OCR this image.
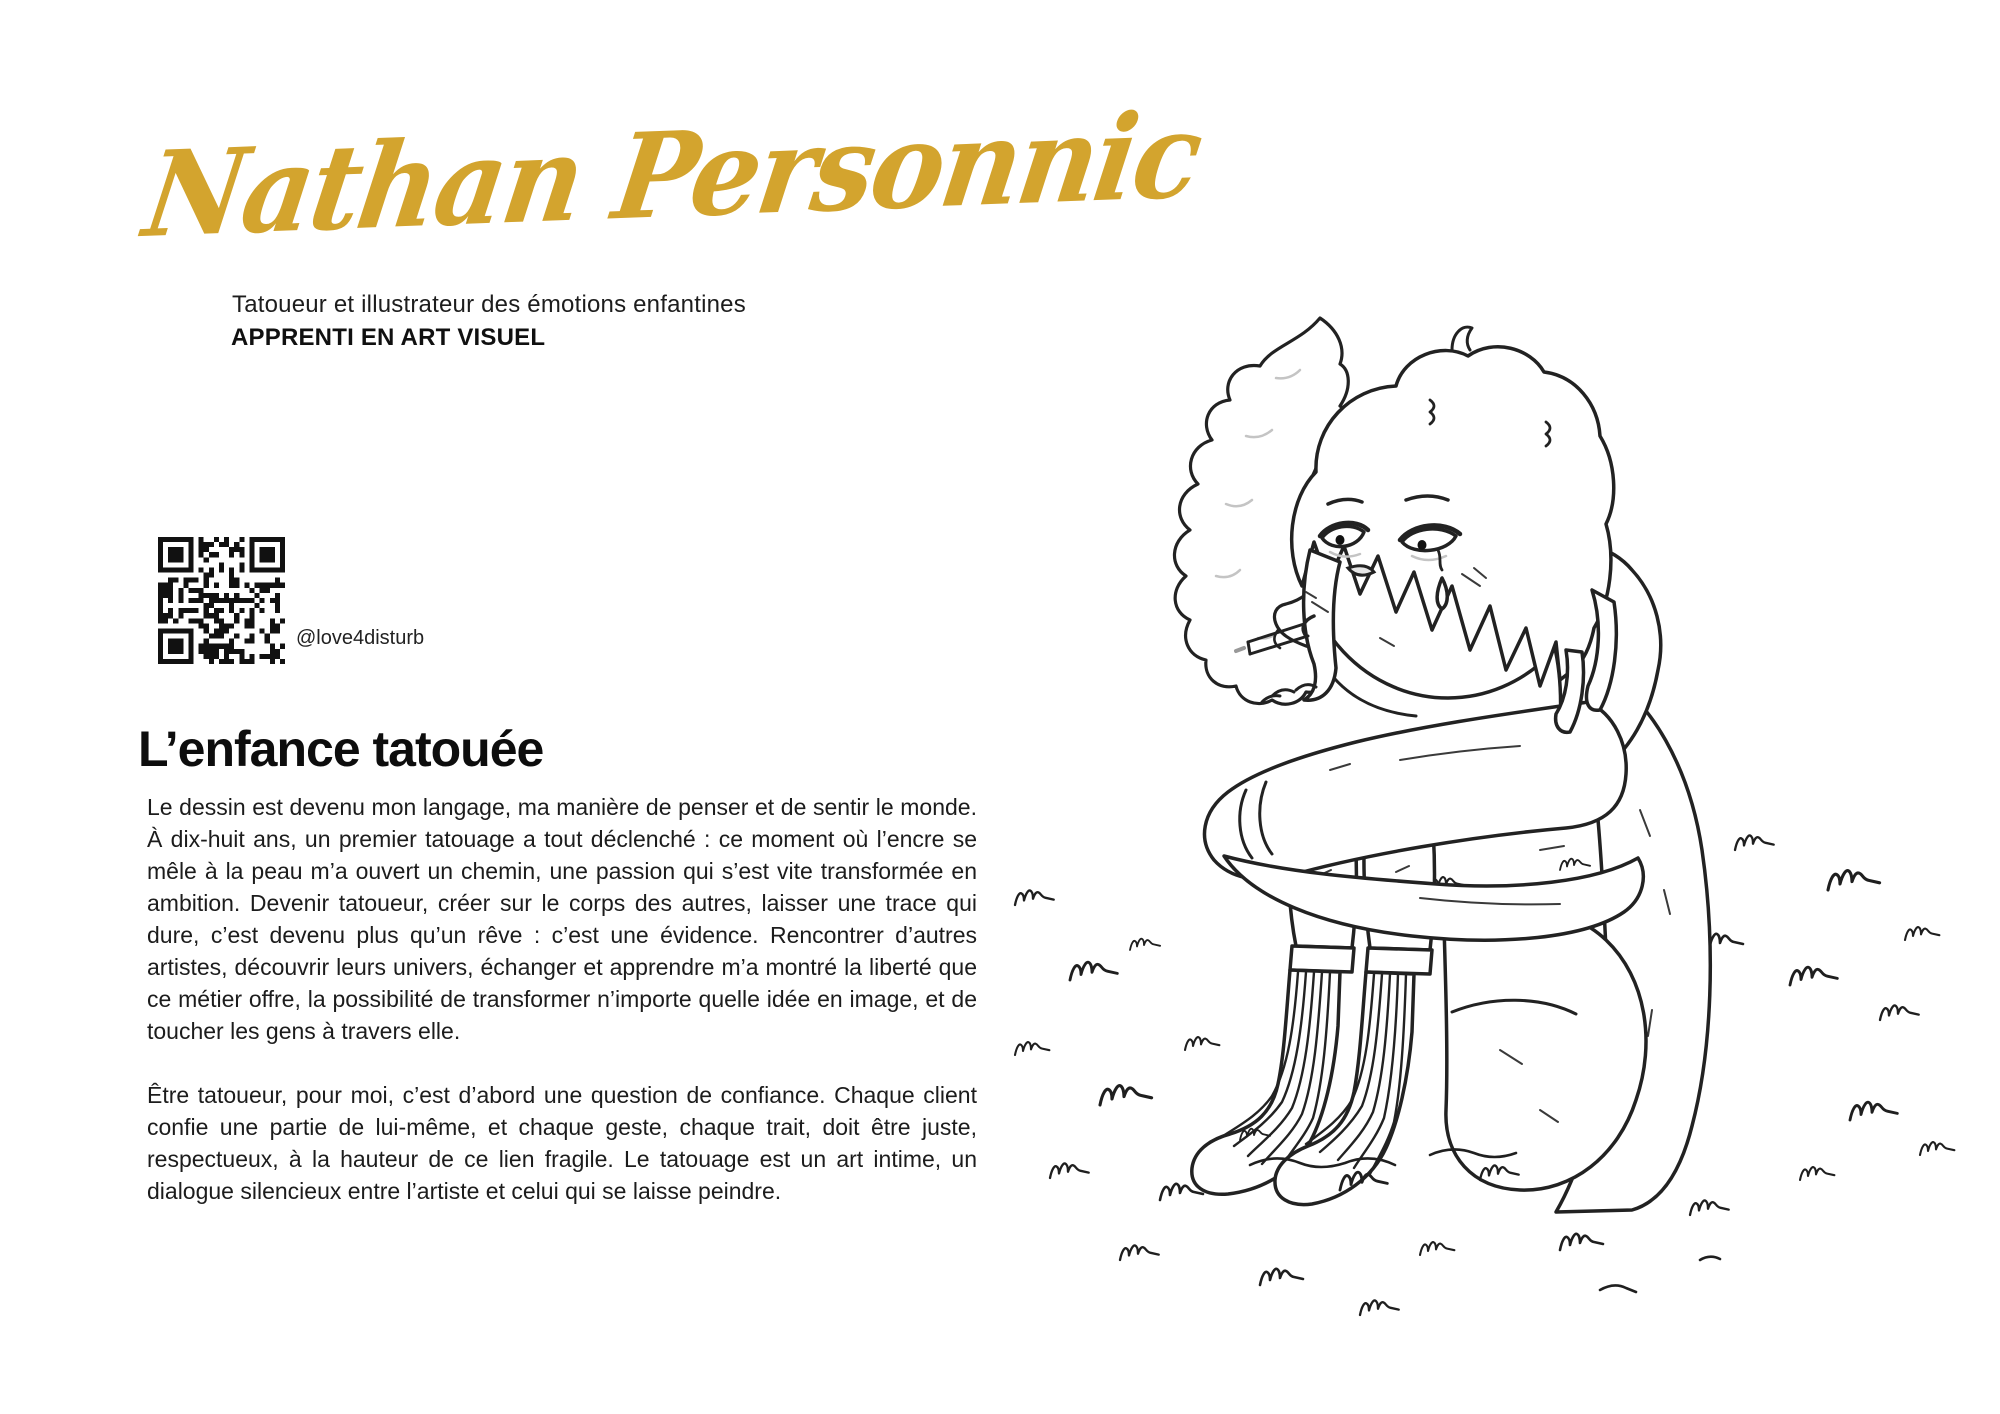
Nathan Personnic
Tatoueur et illustrateur des émotions enfantines
APPRENTI EN ART VISUEL
@love4disturb
L’enfance tatouée

Le dessin est devenu mon langage, ma manière de penser et de sentir le monde. À dix-huit ans, un premier tatouage a tout déclenché : ce moment où l’encre se mêle à la peau m’a ouvert un chemin, une passion qui s’est vite transformée en ambition. Devenir tatoueur, créer sur le corps des autres, laisser une trace qui dure, c’est devenu plus qu’un rêve : c’est une évidence. Rencontrer d’autres artistes, découvrir leurs univers, échanger et apprendre m’a montré la liberté que ce métier offre, la possibilité de transformer n’importe quelle idée en image, et de toucher les gens à travers elle.

Être tatoueur, pour moi, c’est d’abord une question de confiance. Chaque client confie une partie de lui-même, et chaque geste, chaque trait, doit être juste, respectueux, à la hauteur de ce lien fragile. Le tatouage est un art intime, un dialogue silencieux entre l’artiste et celui qui se laisse peindre.
